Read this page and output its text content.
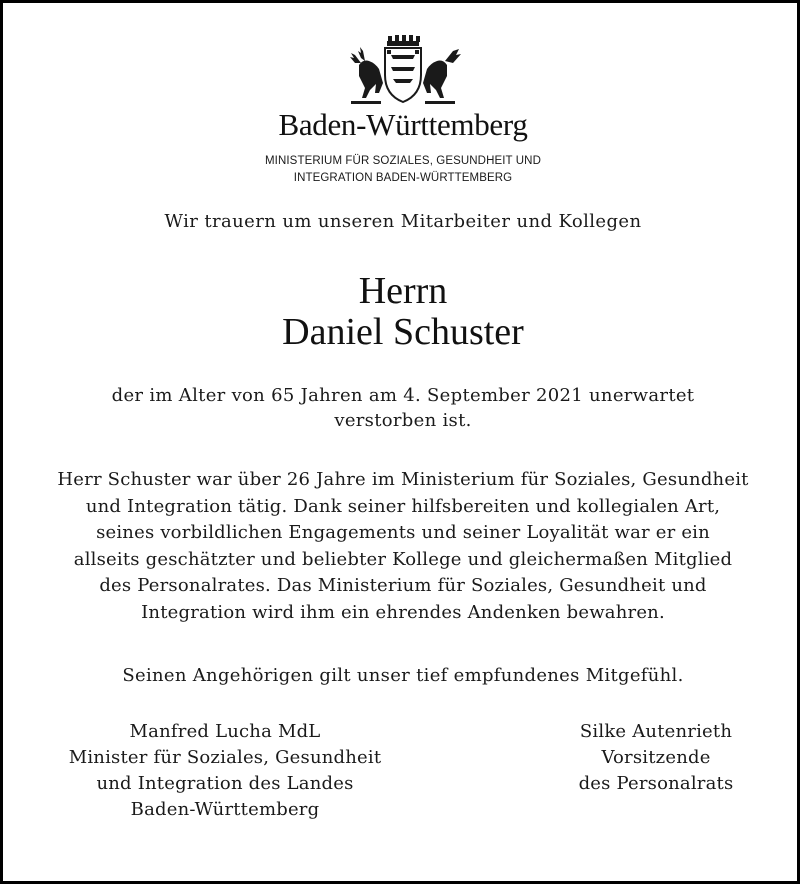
Baden-Württemberg
MINISTERIUM FÜR SOZIALES, GESUNDHEIT UND
INTEGRATION BADEN-WÜRTTEMBERG
Wir trauern um unseren Mitarbeiter und Kollegen
Herrn
Daniel Schuster
der im Alter von 65 Jahren am 4. September 2021 unerwartet
verstorben ist.
Herr Schuster war über 26 Jahre im Ministerium für Soziales, Gesundheit
und Integration tätig. Dank seiner hilfsbereiten und kollegialen Art,
seines vorbildlichen Engagements und seiner Loyalität war er ein
allseits geschätzter und beliebter Kollege und gleichermaßen Mitglied
des Personalrates. Das Ministerium für Soziales, Gesundheit und
Integration wird ihm ein ehrendes Andenken bewahren.
Seinen Angehörigen gilt unser tief empfundenes Mitgefühl.
Manfred Lucha MdL
Minister für Soziales, Gesundheit
und Integration des Landes
Baden-Württemberg
Silke Autenrieth
Vorsitzende
des Personalrats
